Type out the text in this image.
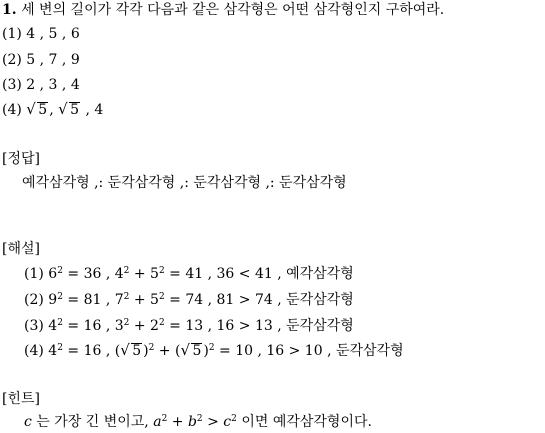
1. 세 변의 길이가 각각 다음과 같은 삼각형은 어떤 삼각형인지 구하여라.
(1) 4 , 5 , 6
(2) 5 , 7 , 9
(3) 2 , 3 , 4
(4) √ 5 , √ 5 , 4
[정답]
예각삼각형 ,: 둔각삼각형 ,: 둔각삼각형 ,: 둔각삼각형
[해설]
(1) $6^2 = 36$ , $4^2 + 5^2 = 41$ , 36 < 41 , 예각삼각형
(2) $9^2 = 81$ , $7^2 + 5^2 = 74$ , 81 > 74 , 둔각삼각형
(3) $4^2 = 16$ , $3^2 + 2^2 = 13$ , 16 > 13 , 둔각삼각형
(4) $4^2 = 16$ , ( √ 5 )$^2$ + ( √ 5 )$^2$ = 10 , 16 > 10 , 둔각삼각형
[힌트]
c 는 가장 긴 변이고, $a^2 + b^2 > c^2$ 이면 예각삼각형이다.
